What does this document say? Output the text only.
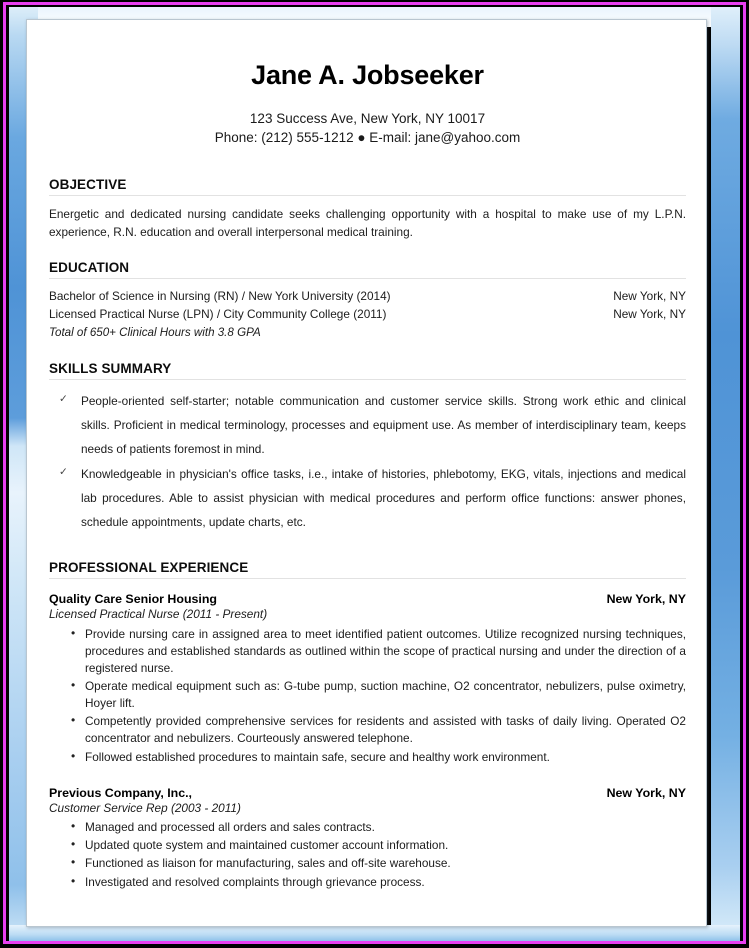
Jane A. Jobseeker
123 Success Ave, New York, NY 10017
Phone: (212) 555-1212 ● E-mail: jane@yahoo.com
OBJECTIVE

Energetic and dedicated nursing candidate seeks challenging opportunity with a hospital to make use of my L.P.N. experience, R.N. education and overall interpersonal medical training.

EDUCATION
Bachelor of Science in Nursing (RN) / New York University (2014)	New York, NY
Licensed Practical Nurse (LPN) / City Community College (2011)	New York, NY
Total of 650+ Clinical Hours with 3.8 GPA
SKILLS SUMMARY
✓ People-oriented self-starter; notable communication and customer service skills. Strong work ethic and clinical skills. Proficient in medical terminology, processes and equipment use. As member of interdisciplinary team, keeps needs of patients foremost in mind.
✓ Knowledgeable in physician's office tasks, i.e., intake of histories, phlebotomy, EKG, vitals, injections and medical lab procedures. Able to assist physician with medical procedures and perform office functions: answer phones, schedule appointments, update charts, etc.
PROFESSIONAL EXPERIENCE
Quality Care Senior Housing	New York, NY
Licensed Practical Nurse (2011 - Present)
• Provide nursing care in assigned area to meet identified patient outcomes. Utilize recognized nursing techniques, procedures and established standards as outlined within the scope of practical nursing and under the direction of a registered nurse.
• Operate medical equipment such as: G-tube pump, suction machine, O2 concentrator, nebulizers, pulse oximetry, Hoyer lift.
• Competently provided comprehensive services for residents and assisted with tasks of daily living. Operated O2 concentrator and nebulizers. Courteously answered telephone.
• Followed established procedures to maintain safe, secure and healthy work environment.
Previous Company, Inc.,	New York, NY
Customer Service Rep (2003 - 2011)
• Managed and processed all orders and sales contracts.
• Updated quote system and maintained customer account information.
• Functioned as liaison for manufacturing, sales and off-site warehouse.
• Investigated and resolved complaints through grievance process.
